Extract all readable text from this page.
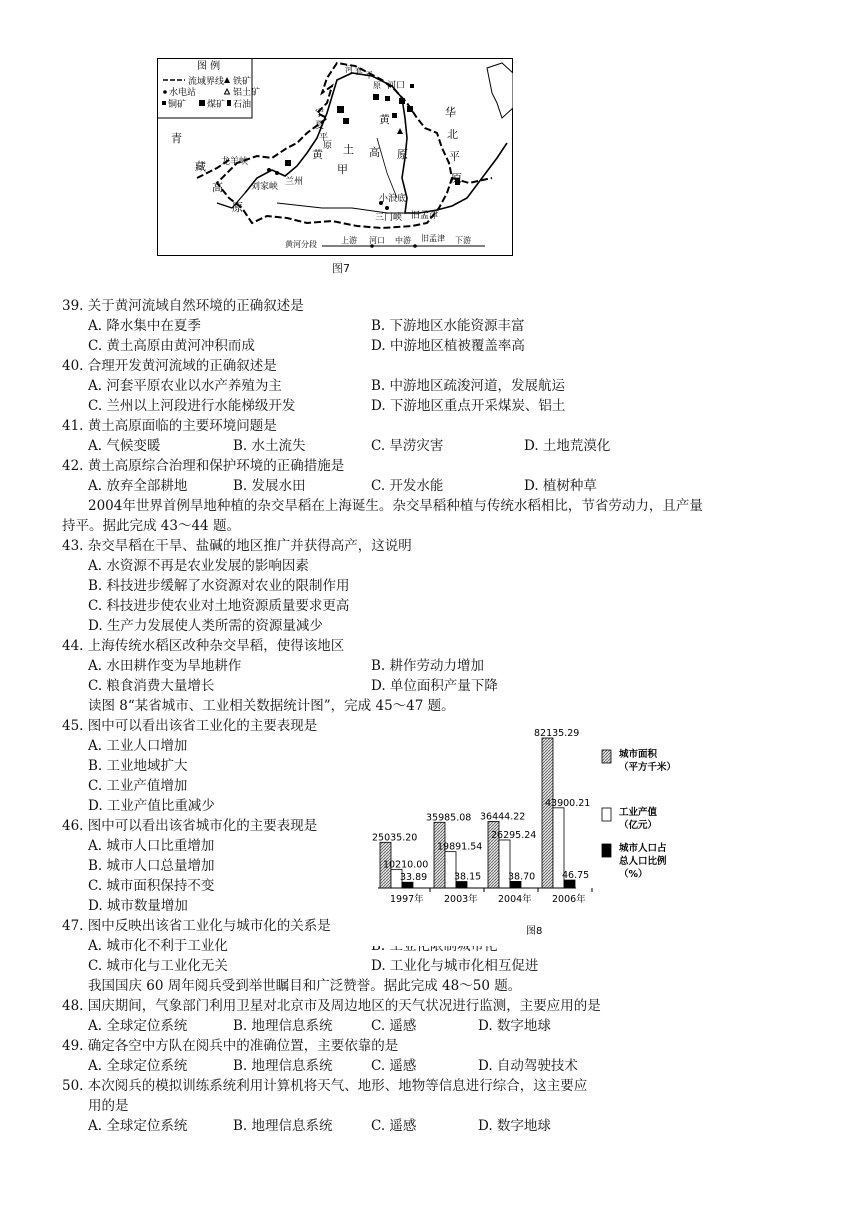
图 例
流域界线 铁矿
水电站	铝土矿
铜矿 煤矿 石油
青
藏
高
原
黄 土 高 原
黄
甲
宁
夏
平
原
河 套 平
原 河口
华
北
平
原
龙羊峡
刘家峡 兰州
小浪底
三门峡 旧孟津
黄河分段	上游 河口 中游 旧孟津 下游
图7
39. 关于黄河流域自然环境的正确叙述是
A. 降水集中在夏季	B. 下游地区水能资源丰富
C. 黄土高原由黄河冲积而成	D. 中游地区植被覆盖率高
40. 合理开发黄河流域的正确叙述是
A. 河套平原农业以水产养殖为主	B. 中游地区疏浚河道，发展航运
C. 兰州以上河段进行水能梯级开发	D. 下游地区重点开采煤炭、铝土
41. 黄土高原面临的主要环境问题是
A. 气候变暖	B. 水土流失	C. 旱涝灾害	D. 土地荒漠化
42. 黄土高原综合治理和保护环境的正确措施是
A. 放弃全部耕地	B. 发展水田	C. 开发水能	D. 植树种草
2004年世界首例旱地种植的杂交旱稻在上海诞生。杂交旱稻种植与传统水稻相比，节省劳动力，且产量
持平。据此完成 43～44 题。
43. 杂交旱稻在干旱、盐碱的地区推广并获得高产，这说明
A. 水资源不再是农业发展的影响因素
B. 科技进步缓解了水资源对农业的限制作用
C. 科技进步使农业对土地资源质量要求更高
D. 生产力发展使人类所需的资源量减少
44. 上海传统水稻区改种杂交旱稻，使得该地区
A. 水田耕作变为旱地耕作	B. 耕作劳动力增加
C. 粮食消费大量增长	D. 单位面积产量下降
读图 8“某省城市、工业相关数据统计图”，完成 45～47 题。
45. 图中可以看出该省工业化的主要表现是
A. 工业人口增加
B. 工业地域扩大
C. 工业产值增加
D. 工业产值比重减少
46. 图中可以看出该省城市化的主要表现是
A. 城市人口比重增加
B. 城市人口总量增加
C. 城市面积保持不变
D. 城市数量增加
47. 图中反映出该省工业化与城市化的关系是
A. 城市化不利于工业化	B. 工业化限制城市化
C. 城市化与工业化无关	D. 工业化与城市化相互促进
我国国庆 60 周年阅兵受到举世瞩目和广泛赞誉。据此完成 48～50 题。
48. 国庆期间，气象部门利用卫星对北京市及周边地区的天气状况进行监测，主要应用的是
A. 全球定位系统	B. 地理信息系统	C. 遥感	D. 数字地球
49. 确定各空中方队在阅兵中的准确位置，主要依靠的是
A. 全球定位系统	B. 地理信息系统	C. 遥感	D. 自动驾驶技术
50. 本次阅兵的模拟训练系统利用计算机将天气、地形、地物等信息进行综合，这主要应
用的是
A. 全球定位系统	B. 地理信息系统	C. 遥感	D. 数字地球
25035.20
10210.00
33.89
35985.08
19891.54
38.15
36444.22
26295.24
38.70
82135.29
43900.21
46.75
1997年 2003年 2004年 2006年
图8
城市面积
（平方千米）
工业产值
（亿元）
城市人口占
总人口比例
（%）
